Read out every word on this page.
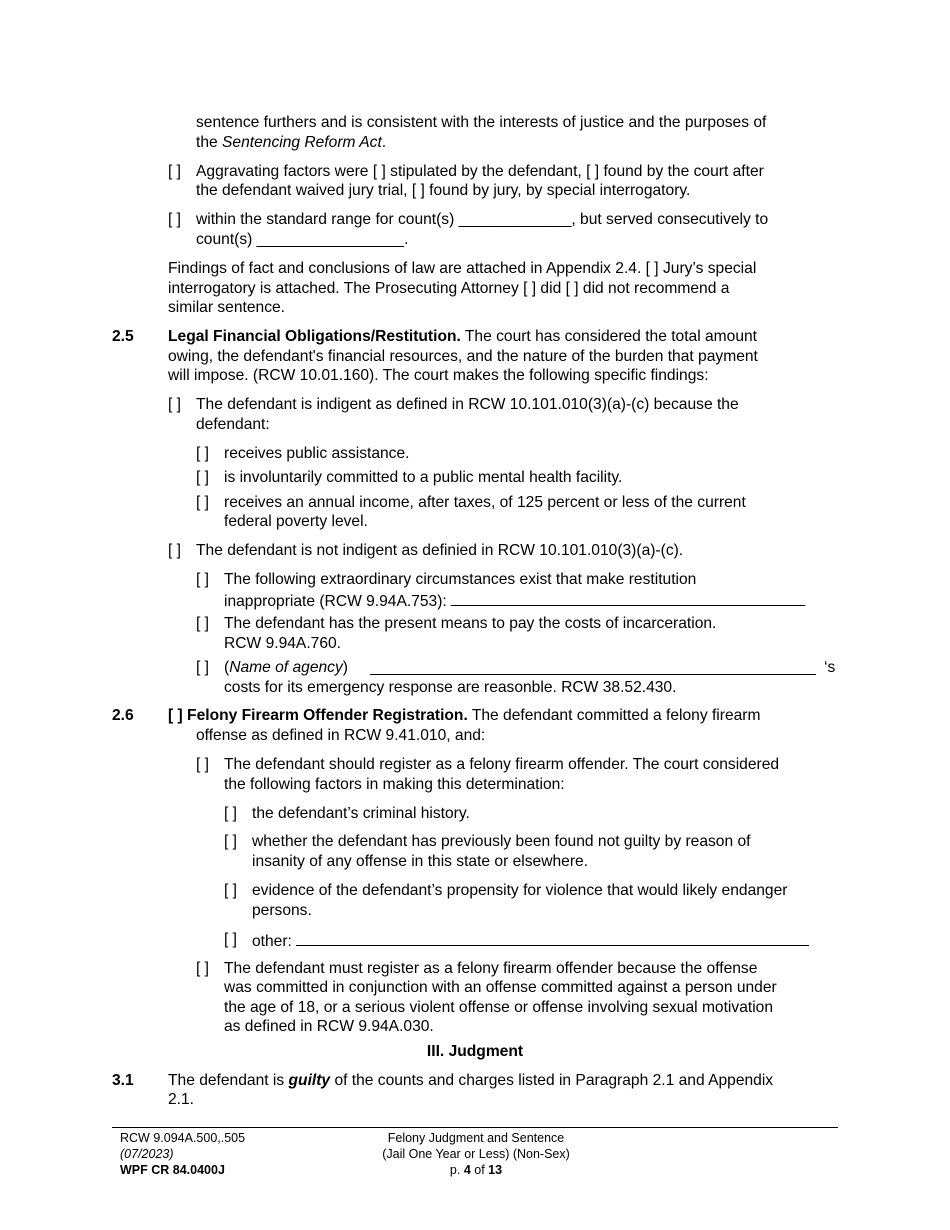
sentence furthers and is consistent with the interests of justice and the purposes of
the Sentencing Reform Act.
[ ] Aggravating factors were [ ] stipulated by the defendant, [ ] found by the court after
the defendant waived jury trial, [ ] found by jury, by special interrogatory.
[ ] within the standard range for count(s) _____________, but served consecutively to
count(s) _________________.
Findings of fact and conclusions of law are attached in Appendix 2.4. [ ] Jury’s special
interrogatory is attached. The Prosecuting Attorney [ ] did [ ] did not recommend a
similar sentence.
2.5 Legal Financial Obligations/Restitution. The court has considered the total amount
owing, the defendant's financial resources, and the nature of the burden that payment
will impose. (RCW 10.01.160). The court makes the following specific findings:
[ ] The defendant is indigent as defined in RCW 10.101.010(3)(a)-(c) because the
defendant:
[ ] receives public assistance.
[ ] is involuntarily committed to a public mental health facility.
[ ] receives an annual income, after taxes, of 125 percent or less of the current
federal poverty level.
[ ] The defendant is not indigent as definied in RCW 10.101.010(3)(a)-(c).
[ ] The following extraordinary circumstances exist that make restitution
inappropriate (RCW 9.94A.753):
[ ] The defendant has the present means to pay the costs of incarceration.
RCW 9.94A.760.
[ ] (Name of agency)	‘s
costs for its emergency response are reasonble. RCW 38.52.430.
2.6 [ ] Felony Firearm Offender Registration. The defendant committed a felony firearm
offense as defined in RCW 9.41.010, and:
[ ] The defendant should register as a felony firearm offender. The court considered
the following factors in making this determination:
[ ] the defendant’s criminal history.
[ ] whether the defendant has previously been found not guilty by reason of
insanity of any offense in this state or elsewhere.
[ ] evidence of the defendant’s propensity for violence that would likely endanger
persons.
[ ] other:
[ ] The defendant must register as a felony firearm offender because the offense
was committed in conjunction with an offense committed against a person under
the age of 18, or a serious violent offense or offense involving sexual motivation
as defined in RCW 9.94A.030.
III. Judgment
3.1 The defendant is guilty of the counts and charges listed in Paragraph 2.1 and Appendix
2.1.
RCW 9.094A.500,.505
(07/2023)
WPF CR 84.0400J
Felony Judgment and Sentence
(Jail One Year or Less) (Non-Sex)
p. 4 of 13
